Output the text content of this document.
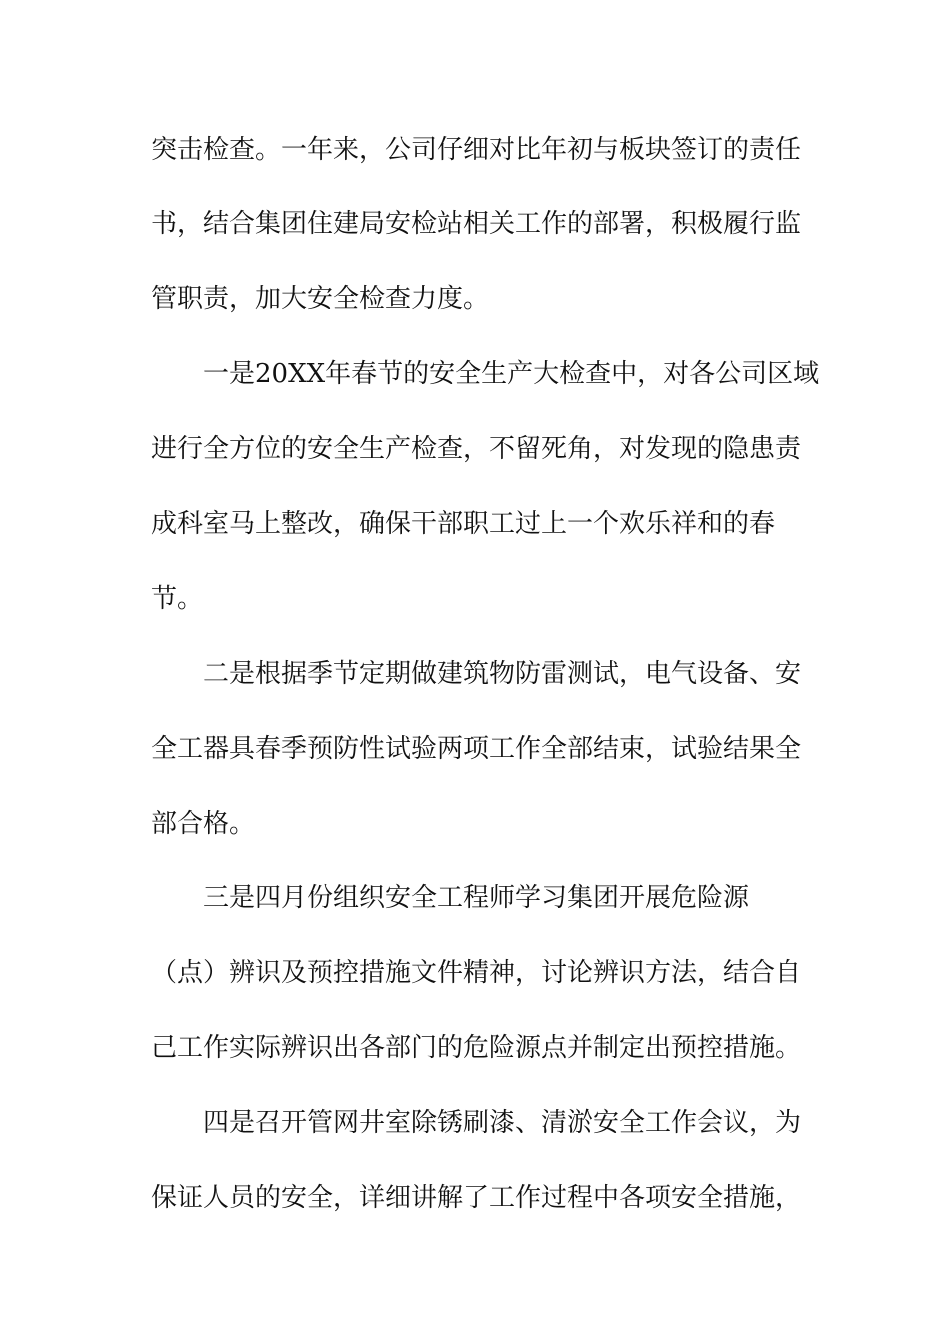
突击检查。一年来，公司仔细对比年初与板块签订的责任

书，结合集团住建局安检站相关工作的部署，积极履行监

管职责，加大安全检查力度。

一是20XX年春节的安全生产大检查中，对各公司区域

进行全方位的安全生产检查，不留死角，对发现的隐患责

成科室马上整改，确保干部职工过上一个欢乐祥和的春

节。

二是根据季节定期做建筑物防雷测试，电气设备、安

全工器具春季预防性试验两项工作全部结束，试验结果全

部合格。

三是四月份组织安全工程师学习集团开展危险源

（点）辨识及预控措施文件精神，讨论辨识方法，结合自

己工作实际辨识出各部门的危险源点并制定出预控措施。

四是召开管网井室除锈刷漆、清淤安全工作会议，为

保证人员的安全，详细讲解了工作过程中各项安全措施，
